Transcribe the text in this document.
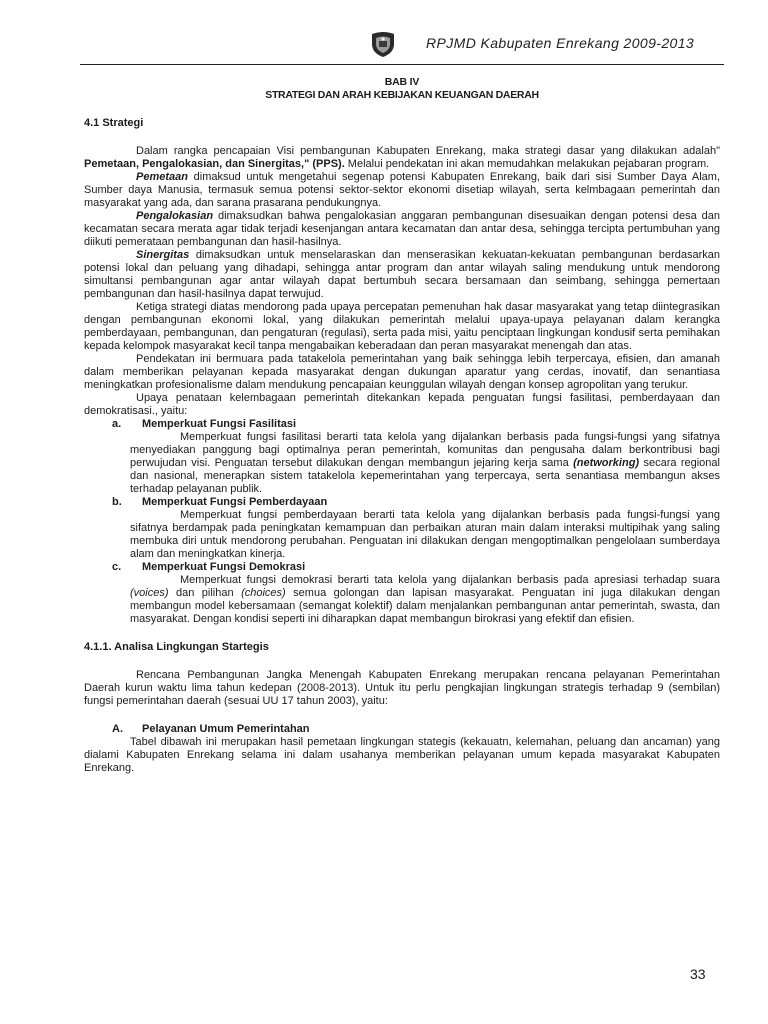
RPJMD Kabupaten Enrekang 2009-2013

BAB IV

STRATEGI DAN ARAH KEBIJAKAN KEUANGAN DAERAH

4.1 Strategi

Dalam rangka pencapaian Visi pembangunan Kabupaten Enrekang, maka strategi dasar yang dilakukan adalah" Pemetaan, Pengalokasian, dan Sinergitas," (PPS). Melalui pendekatan ini akan memudahkan melakukan pejabaran program.

Pemetaan dimaksud untuk mengetahui segenap potensi Kabupaten Enrekang, baik dari sisi Sumber Daya Alam, Sumber daya Manusia, termasuk semua potensi sektor-sektor ekonomi disetiap wilayah, serta kelmbagaan pemerintah dan masyarakat yang ada, dan sarana prasarana pendukungnya.

Pengalokasian dimaksudkan bahwa pengalokasian anggaran pembangunan disesuaikan dengan potensi desa dan kecamatan secara merata agar tidak terjadi kesenjangan antara kecamatan dan antar desa, sehingga tercipta pertumbuhan yang diikuti pemerataan pembangunan dan hasil-hasilnya.

Sinergitas dimaksudkan untuk menselaraskan dan menserasikan kekuatan-kekuatan pembangunan berdasarkan potensi lokal dan peluang yang dihadapi, sehingga antar program dan antar wilayah saling mendukung untuk mendorong simultansi pembangunan agar antar wilayah dapat bertumbuh secara bersamaan dan seimbang, sehingga pemertaan pembangunan dan hasil-hasilnya dapat terwujud.

Ketiga strategi diatas mendorong pada upaya percepatan pemenuhan hak dasar masyarakat yang tetap diintegrasikan dengan pembangunan ekonomi lokal, yang dilakukan pemerintah melalui upaya-upaya pelayanan dalam kerangka pemberdayaan, pembangunan, dan pengaturan (regulasi), serta pada misi, yaitu penciptaan lingkungan kondusif serta pemihakan kepada kelompok masyarakat kecil tanpa mengabaikan keberadaan dan peran masyarakat menengah dan atas.

Pendekatan ini bermuara pada tatakelola pemerintahan yang baik sehingga lebih terpercaya, efisien, dan amanah dalam memberikan pelayanan kepada masyarakat dengan dukungan aparatur yang cerdas, inovatif, dan senantiasa meningkatkan profesionalisme dalam mendukung pencapaian keunggulan wilayah dengan konsep agropolitan yang terukur.

Upaya penataan kelembagaan pemerintah ditekankan kepada penguatan fungsi fasilitasi, pemberdayaan dan demokratisasi., yaitu:

a.	Memperkuat Fungsi Fasilitasi

Memperkuat fungsi fasilitasi berarti tata kelola yang dijalankan berbasis pada fungsi-fungsi yang sifatnya menyediakan panggung bagi optimalnya peran pemerintah, komunitas dan pengusaha dalam berkontribusi bagi perwujudan visi. Penguatan tersebut dilakukan dengan membangun jejaring kerja sama (networking) secara regional dan nasional, menerapkan sistem tatakelola kepemerintahan yang terpercaya, serta senantiasa membangun akses terhadap pelayanan publik.

b.	Memperkuat Fungsi Pemberdayaan

Memperkuat fungsi pemberdayaan berarti tata kelola yang dijalankan berbasis pada fungsi-fungsi yang sifatnya berdampak pada peningkatan kemampuan dan perbaikan aturan main dalam interaksi multipihak yang saling membuka diri untuk mendorong perubahan. Penguatan ini dilakukan dengan mengoptimalkan pengelolaan sumberdaya alam dan meningkatkan kinerja.

c.	Memperkuat Fungsi Demokrasi

Memperkuat fungsi demokrasi berarti tata kelola yang dijalankan berbasis pada apresiasi terhadap suara (voices) dan pilihan (choices) semua golongan dan lapisan masyarakat. Penguatan ini juga dilakukan dengan membangun model kebersamaan (semangat kolektif) dalam menjalankan pembangunan antar pemerintah, swasta, dan masyarakat. Dengan kondisi seperti ini diharapkan dapat membangun birokrasi yang efektif dan efisien.

4.1.1. Analisa Lingkungan Startegis

Rencana Pembangunan Jangka Menengah Kabupaten Enrekang merupakan rencana pelayanan Pemerintahan Daerah kurun waktu lima tahun kedepan (2008-2013). Untuk itu perlu pengkajian lingkungan strategis terhadap 9 (sembilan) fungsi pemerintahan daerah (sesuai UU 17 tahun 2003), yaitu:

A.	Pelayanan Umum Pemerintahan

Tabel dibawah ini merupakan hasil pemetaan lingkungan stategis (kekauatn, kelemahan, peluang dan ancaman) yang dialami Kabupaten Enrekang selama ini dalam usahanya memberikan pelayanan umum kepada masyarakat Kabupaten Enrekang.

33
